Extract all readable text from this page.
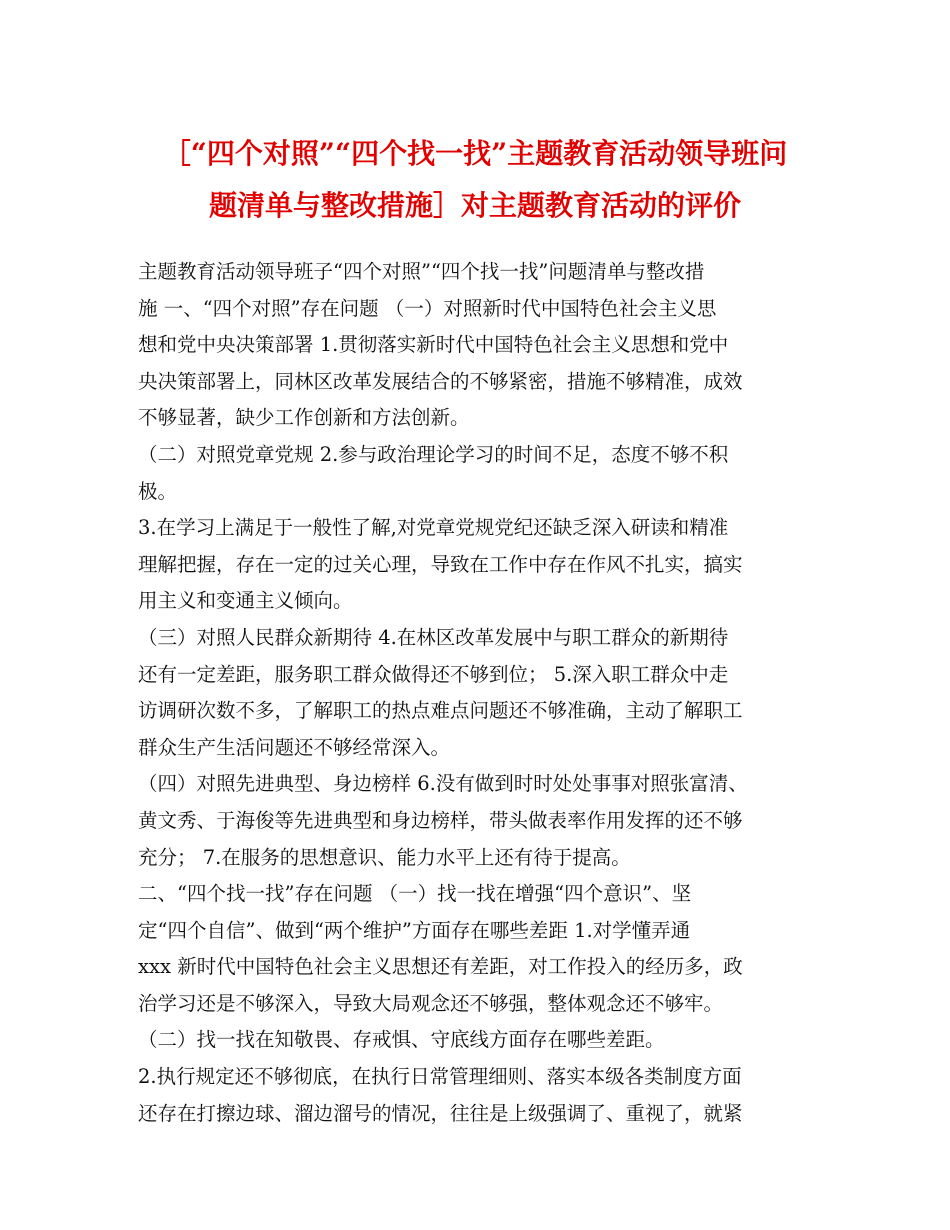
［“四个对照”“四个找一找”主题教育活动领导班问
题清单与整改措施］对主题教育活动的评价
主题教育活动领导班子“四个对照”“四个找一找”问题清单与整改措
施 一、“四个对照”存在问题 （一）对照新时代中国特色社会主义思
想和党中央决策部署 1.贯彻落实新时代中国特色社会主义思想和党中
央决策部署上，同林区改革发展结合的不够紧密，措施不够精准，成效
不够显著，缺少工作创新和方法创新。
（二）对照党章党规 2.参与政治理论学习的时间不足，态度不够不积
极。
3.在学习上满足于一般性了解,对党章党规党纪还缺乏深入研读和精准
理解把握，存在一定的过关心理，导致在工作中存在作风不扎实，搞实
用主义和变通主义倾向。
（三）对照人民群众新期待 4.在林区改革发展中与职工群众的新期待
还有一定差距，服务职工群众做得还不够到位； 5.深入职工群众中走
访调研次数不多，了解职工的热点难点问题还不够准确，主动了解职工
群众生产生活问题还不够经常深入。
（四）对照先进典型、身边榜样 6.没有做到时时处处事事对照张富清、
黄文秀、于海俊等先进典型和身边榜样，带头做表率作用发挥的还不够
充分； 7.在服务的思想意识、能力水平上还有待于提高。
二、“四个找一找”存在问题 （一）找一找在增强“四个意识”、坚
定“四个自信”、做到“两个维护”方面存在哪些差距 1.对学懂弄通
xxx 新时代中国特色社会主义思想还有差距，对工作投入的经历多，政
治学习还是不够深入，导致大局观念还不够强，整体观念还不够牢。
（二）找一找在知敬畏、存戒惧、守底线方面存在哪些差距。
2.执行规定还不够彻底，在执行日常管理细则、落实本级各类制度方面
还存在打擦边球、溜边溜号的情况，往往是上级强调了、重视了，就紧
